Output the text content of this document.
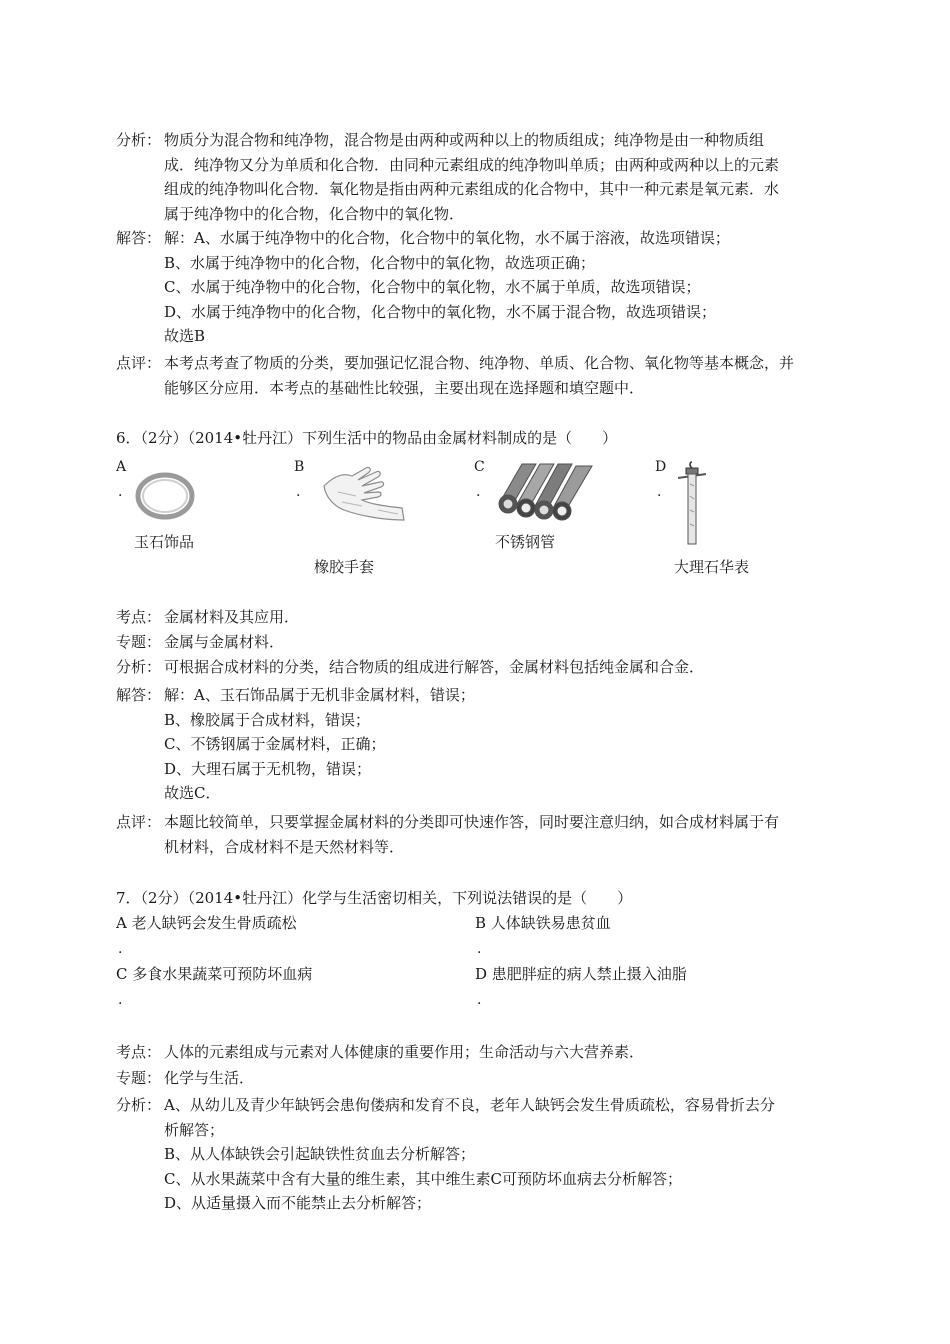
分析： 物质分为混合物和纯净物，混合物是由两种或两种以上的物质组成；纯净物是由一种物质组
成．纯净物又分为单质和化合物．由同种元素组成的纯净物叫单质；由两种或两种以上的元素
组成的纯净物叫化合物．氧化物是指由两种元素组成的化合物中，其中一种元素是氧元素．水
属于纯净物中的化合物，化合物中的氧化物．
解答： 解：A、水属于纯净物中的化合物，化合物中的氧化物，水不属于溶液，故选项错误；
B、水属于纯净物中的化合物，化合物中的氧化物，故选项正确；
C、水属于纯净物中的化合物，化合物中的氧化物，水不属于单质，故选项错误；
D、水属于纯净物中的化合物，化合物中的氧化物，水不属于混合物，故选项错误；
故选B
点评： 本考点考查了物质的分类，要加强记忆混合物、纯净物、单质、化合物、氧化物等基本概念，并
能够区分应用．本考点的基础性比较强，主要出现在选择题和填空题中．
6．（2分）（2014•牡丹江）下列生活中的物品由金属材料制成的是（　　）
A
.
B
.
C
.
D
.
玉石饰品
橡胶手套
不锈钢管
大理石华表
考点： 金属材料及其应用．
专题： 金属与金属材料．
分析： 可根据合成材料的分类，结合物质的组成进行解答，金属材料包括纯金属和合金．
解答： 解：A、玉石饰品属于无机非金属材料，错误；
B、橡胶属于合成材料，错误；
C、不锈钢属于金属材料，正确；
D、大理石属于无机物，错误；
故选C．
点评： 本题比较简单，只要掌握金属材料的分类即可快速作答，同时要注意归纳，如合成材料属于有
机材料，合成材料不是天然材料等．
7．（2分）（2014•牡丹江）化学与生活密切相关，下列说法错误的是（　　）
A 老人缺钙会发生骨质疏松
.
B 人体缺铁易患贫血
.
C 多食水果蔬菜可预防坏血病
.
D 患肥胖症的病人禁止摄入油脂
.
考点： 人体的元素组成与元素对人体健康的重要作用；生命活动与六大营养素．
专题： 化学与生活．
分析： A、从幼儿及青少年缺钙会患佝偻病和发育不良，老年人缺钙会发生骨质疏松，容易骨折去分
析解答；
B、从人体缺铁会引起缺铁性贫血去分析解答；
C、从水果蔬菜中含有大量的维生素，其中维生素C可预防坏血病去分析解答；
D、从适量摄入而不能禁止去分析解答；
